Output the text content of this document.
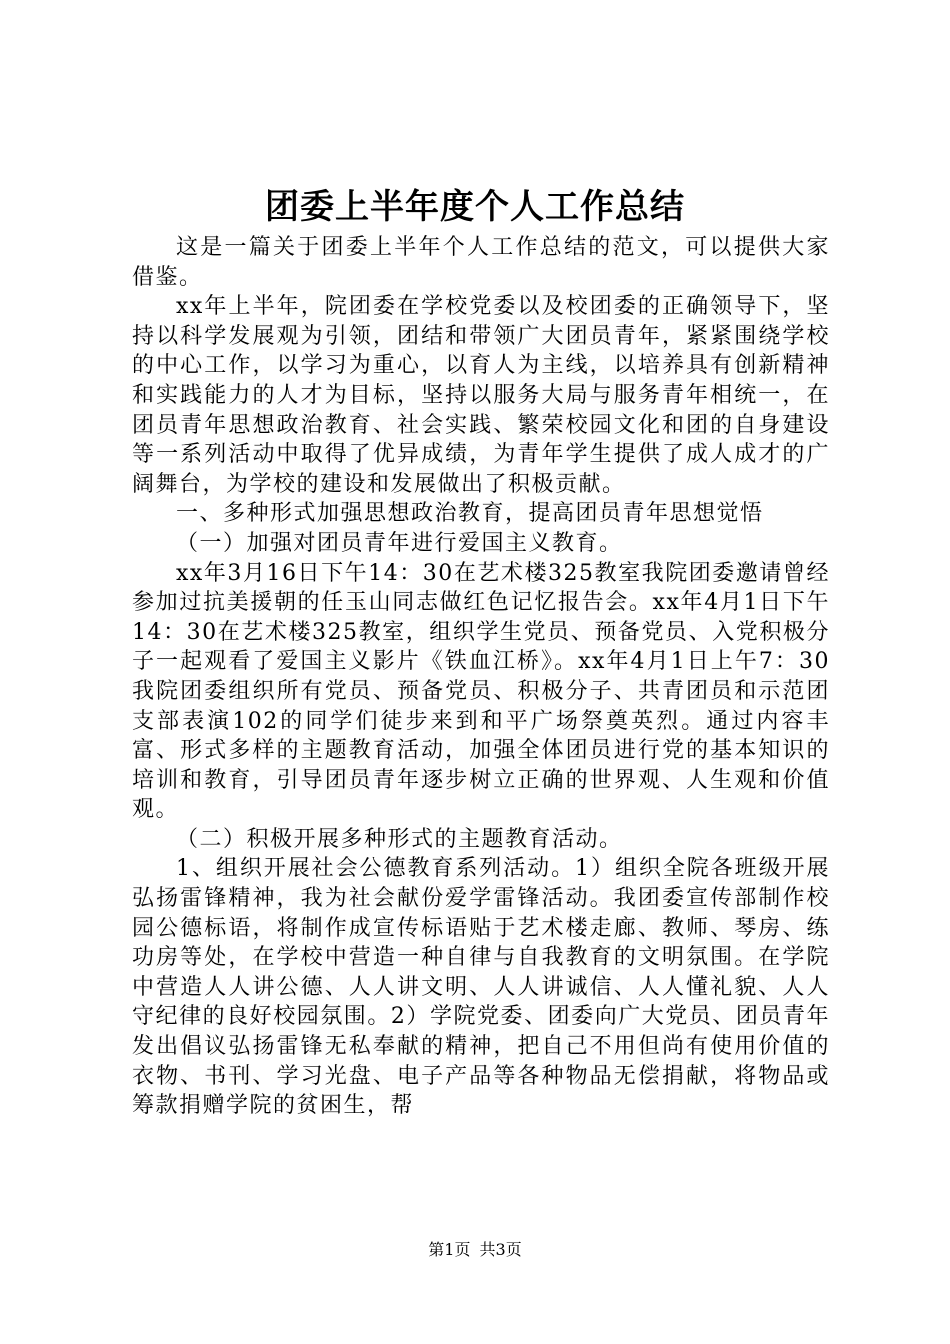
团委上半年度个人工作总结

这是一篇关于团委上半年个人工作总结的范文，可以提供大家借鉴。

xx年上半年，院团委在学校党委以及校团委的正确领导下，坚持以科学发展观为引领，团结和带领广大团员青年，紧紧围绕学校的中心工作，以学习为重心，以育人为主线，以培养具有创新精神和实践能力的人才为目标，坚持以服务大局与服务青年相统一，在团员青年思想政治教育、社会实践、繁荣校园文化和团的自身建设等一系列活动中取得了优异成绩，为青年学生提供了成人成才的广阔舞台，为学校的建设和发展做出了积极贡献。

一、多种形式加强思想政治教育，提高团员青年思想觉悟

（一）加强对团员青年进行爱国主义教育。

xx年3月16日下午14：30在艺术楼325教室我院团委邀请曾经参加过抗美援朝的任玉山同志做红色记忆报告会。xx年4月1日下午14：30在艺术楼325教室，组织学生党员、预备党员、入党积极分子一起观看了爱国主义影片《铁血江桥》。xx年4月1日上午7：30我院团委组织所有党员、预备党员、积极分子、共青团员和示范团支部表演102的同学们徒步来到和平广场祭奠英烈。通过内容丰富、形式多样的主题教育活动，加强全体团员进行党的基本知识的培训和教育，引导团员青年逐步树立正确的世界观、人生观和价值观。

（二）积极开展多种形式的主题教育活动。

1、组织开展社会公德教育系列活动。1）组织全院各班级开展弘扬雷锋精神，我为社会献份爱学雷锋活动。我团委宣传部制作校园公德标语，将制作成宣传标语贴于艺术楼走廊、教师、琴房、练功房等处，在学校中营造一种自律与自我教育的文明氛围。在学院中营造人人讲公德、人人讲文明、人人讲诚信、人人懂礼貌、人人守纪律的良好校园氛围。2）学院党委、团委向广大党员、团员青年发出倡议弘扬雷锋无私奉献的精神，把自己不用但尚有使用价值的衣物、书刊、学习光盘、电子产品等各种物品无偿捐献，将物品或筹款捐赠学院的贫困生，帮

第1页 共3页
